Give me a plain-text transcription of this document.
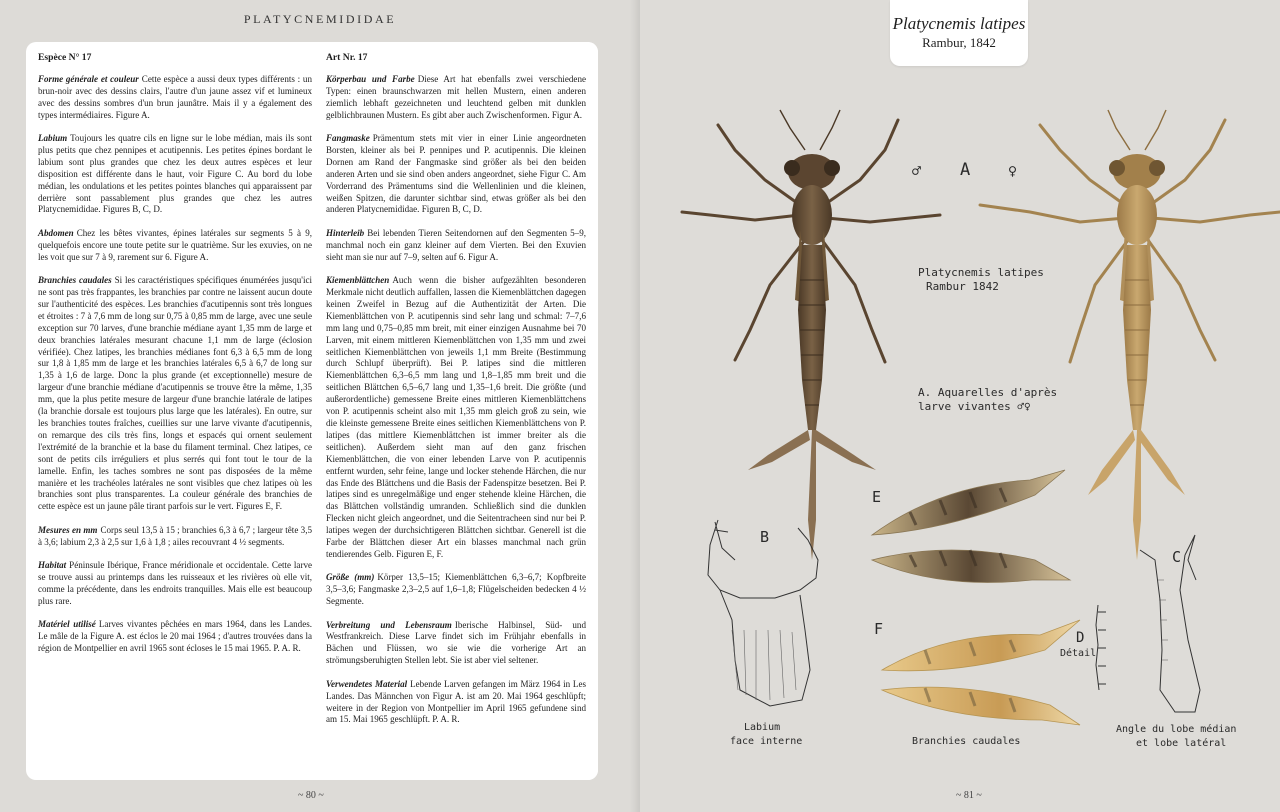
PLATYCNEMIDIDAE
Espèce N° 17
Forme générale et couleur Cette espèce a aussi deux types différents : un brun-noir avec des dessins clairs, l'autre d'un jaune assez vif et lumineux avec des dessins sombres d'un brun jaunâtre. Mais il y a également des types intermédiaires. Figure A.
Labium Toujours les quatre cils en ligne sur le lobe médian, mais ils sont plus petits que chez pennipes et acutipennis. Les petites épines bordant le labium sont plus grandes que chez les deux autres espèces et leur disposition est différente dans le haut, voir Figure C. Au bord du lobe médian, les ondulations et les petites pointes blanches qui apparaissent par derrière sont passablement plus grandes que chez les autres Platycnemididae. Figures B, C, D.
Abdomen Chez les bêtes vivantes, épines latérales sur segments 5 à 9, quelquefois encore une toute petite sur le quatrième. Sur les exuvies, on ne les voit que sur 7 à 9, rarement sur 6. Figure A.
Branchies caudales Si les caractéristiques spécifiques énumérées jusqu'ici ne sont pas très frappantes, les branchies par contre ne laissent aucun doute sur l'authenticité des espèces. Les branchies d'acutipennis sont très longues et étroites : 7 à 7,6 mm de long sur 0,75 à 0,85 mm de large, avec une seule exception sur 70 larves, d'une branchie médiane ayant 1,35 mm de large et deux branchies latérales mesurant chacune 1,1 mm de large (éclosion vérifiée). Chez latipes, les branchies médianes font 6,3 à 6,5 mm de long sur 1,8 à 1,85 mm de large et les branchies latérales 6,5 à 6,7 de long sur 1,35 à 1,6 de large. Donc la plus grande (et exceptionnelle) mesure de largeur d'une branchie médiane d'acutipennis se trouve être la même, 1,35 mm, que la plus petite mesure de largeur d'une branchie latérale de latipes (la branchie dorsale est toujours plus large que les latérales). En outre, sur les branchies toutes fraîches, cueillies sur une larve vivante d'acutipennis, on remarque des cils très fins, longs et espacés qui ornent seulement l'extrémité de la branchie et la base du filament terminal. Chez latipes, ce sont de petits cils irréguliers et plus serrés qui font tout le tour de la lamelle. Enfin, les taches sombres ne sont pas disposées de la même manière et les trachéoles latérales ne sont visibles que chez latipes où les branchies sont plus transparentes. La couleur générale des branchies de cette espèce est un jaune pâle tirant parfois sur le vert. Figures E, F.
Mesures en mm Corps seul 13,5 à 15 ; branchies 6,3 à 6,7 ; largeur tête 3,5 à 3,6; labium 2,3 à 2,5 sur 1,6 à 1,8 ; ailes recouvrant 4 ½ segments.
Habitat Péninsule Ibérique, France méridionale et occidentale. Cette larve se trouve aussi au printemps dans les ruisseaux et les rivières où elle vit, comme la précédente, dans les endroits tranquilles. Mais elle est beaucoup plus rare.
Matériel utilisé Larves vivantes pêchées en mars 1964, dans les Landes. Le mâle de la Figure A. est éclos le 20 mai 1964 ; d'autres trouvées dans la région de Montpellier en avril 1965 sont écloses le 15 mai 1965. P. A. R.
Art Nr. 17
Körperbau und Farbe Diese Art hat ebenfalls zwei verschiedene Typen: einen braunschwarzen mit hellen Mustern, einen anderen ziemlich lebhaft gezeichneten und leuchtend gelben mit dunklen gelblichbraunen Mustern. Es gibt aber auch Zwischenformen. Figur A.
Fangmaske Prämentum stets mit vier in einer Linie angeordneten Borsten, kleiner als bei P. pennipes und P. acutipennis. Die kleinen Dornen am Rand der Fangmaske sind größer als bei den beiden anderen Arten und sie sind oben anders angeordnet, siehe Figur C. Am Vorderrand des Prämentums sind die Wellenlinien und die kleinen, weißen Spitzen, die darunter sichtbar sind, etwas größer als bei den anderen Platycnemididae. Figuren B, C, D.
Hinterleib Bei lebenden Tieren Seitendornen auf den Segmenten 5–9, manchmal noch ein ganz kleiner auf dem Vierten. Bei den Exuvien sieht man sie nur auf 7–9, selten auf 6. Figur A.
Kiemenblättchen Auch wenn die bisher aufgezählten besonderen Merkmale nicht deutlich auffallen, lassen die Kiemenblättchen dagegen keinen Zweifel in Bezug auf die Authentizität der Arten. Die Kiemenblättchen von P. acutipennis sind sehr lang und schmal: 7–7,6 mm lang und 0,75–0,85 mm breit, mit einer einzigen Ausnahme bei 70 Larven, mit einem mittleren Kiemenblättchen von 1,35 mm und zwei seitlichen Kiemenblättchen von jeweils 1,1 mm Breite (Bestimmung durch Schlupf überprüft). Bei P. latipes sind die mittleren Kiemenblättchen 6,3–6,5 mm lang und 1,8–1,85 mm breit und die seitlichen Blättchen 6,5–6,7 lang und 1,35–1,6 breit. Die größte (und außerordentliche) gemessene Breite eines mittleren Kiemenblättchens von P. acutipennis scheint also mit 1,35 mm gleich groß zu sein, wie die kleinste gemessene Breite eines seitlichen Kiemenblättchens von P. latipes (das mittlere Kiemenblättchen ist immer breiter als die seitlichen). Außerdem sieht man auf den ganz frischen Kiemenblättchen, die von einer lebenden Larve von P. acutipennis entfernt wurden, sehr feine, lange und locker stehende Härchen, die nur das Ende des Blättchens und die Basis der Fadenspitze besetzen. Bei P. latipes sind es unregelmäßige und enger stehende kleine Härchen, die das Blättchen vollständig umranden. Schließlich sind die dunklen Flecken nicht gleich angeordnet, und die Seitentracheen sind nur bei P. latipes wegen der durchsichtigeren Blättchen sichtbar. Generell ist die Farbe der Blättchen dieser Art ein blasses manchmal nach grün tendierendes Gelb. Figuren E, F.
Größe (mm) Körper 13,5–15; Kiemenblättchen 6,3–6,7; Kopfbreite 3,5–3,6; Fangmaske 2,3–2,5 auf 1,6–1,8; Flügelscheiden bedecken 4 ½ Segmente.
Verbreitung und Lebensraum Iberische Halbinsel, Süd- und Westfrankreich. Diese Larve findet sich im Frühjahr ebenfalls in Bächen und Flüssen, wo sie wie die vorherige Art an strömungsberuhigten Stellen lebt. Sie ist aber viel seltener.
Verwendetes Material Lebende Larven gefangen im März 1964 in Les Landes. Das Männchen von Figur A. ist am 20. Mai 1964 geschlüpft; weitere in der Region von Montpellier im April 1965 gefundene sind am 15. Mai 1965 geschlüpft. P. A. R.
~ 80 ~
Platycnemis latipes
Rambur, 1842
♂ A	♀
Platycnemis latipes
Rambur 1842
A. Aquarelles d'après
larve vivantes ♂♀
B
E
F
C
D
Détail
Labium
face interne	Branchies caudales
Angle du lobe médian
et lobe latéral
~ 81 ~
